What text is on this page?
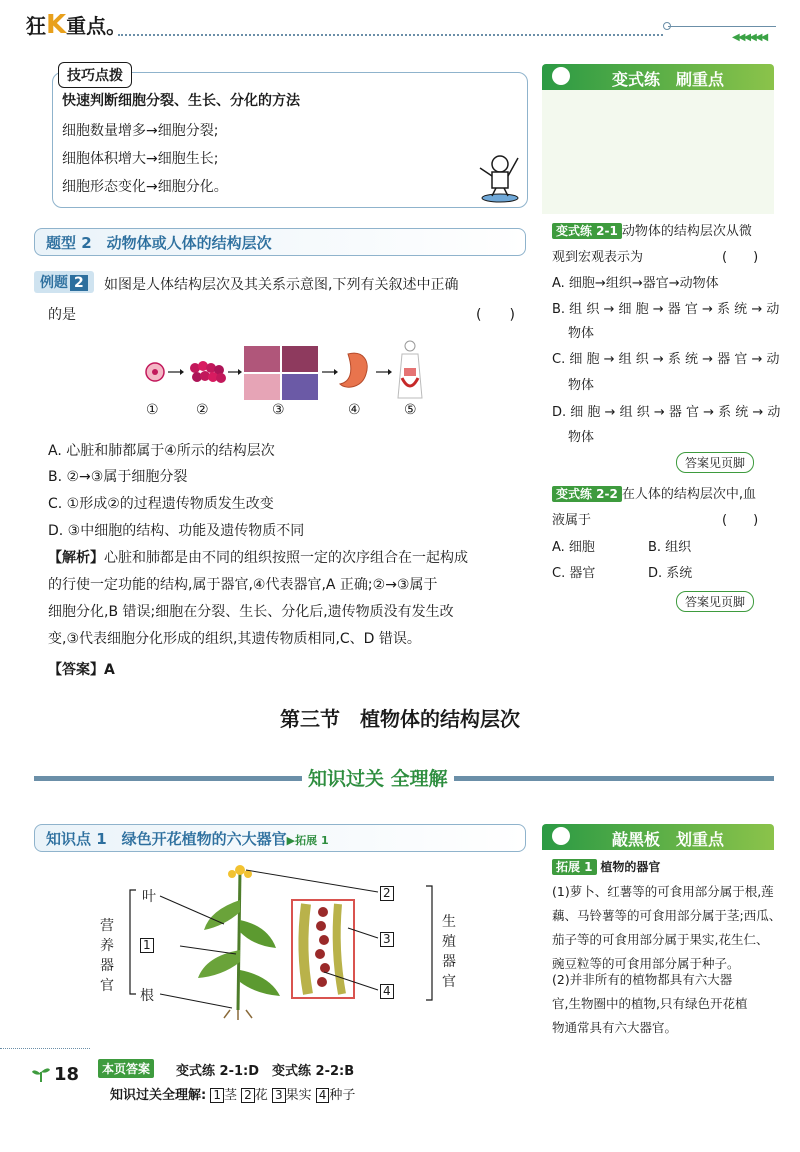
狂K重点。	◀◀◀◀◀◀
技巧点拨
快速判断细胞分裂、生长、分化的方法
细胞数量增多→细胞分裂;
细胞体积增大→细胞生长;
细胞形态变化→细胞分化。
题型 2　动物体或人体的结构层次
例题 2	如图是人体结构层次及其关系示意图,下列有关叙述中正确
的是	(　　)
①	②	③	④	⑤
A. 心脏和肺都属于④所示的结构层次
B. ②→③属于细胞分裂
C. ①形成②的过程遗传物质发生改变
D. ③中细胞的结构、功能及遗传物质不同
【解析】心脏和肺都是由不同的组织按照一定的次序组合在一起构成
的行使一定功能的结构,属于器官,④代表器官,A 正确;②→③属于
细胞分化,B 错误;细胞在分裂、生长、分化后,遗传物质没有发生改
变,③代表细胞分化形成的组织,其遗传物质相同,C、D 错误。
【答案】A
变式练　刷重点
变式练 2-1 动物体的结构层次从微
观到宏观表示为	(　　)
A. 细胞→组织→器官→动物体
B. 组 织 → 细 胞 → 器 官 → 系 统 → 动
物体
C. 细 胞 → 组 织 → 系 统 → 器 官 → 动
物体
D. 细 胞 → 组 织 → 器 官 → 系 统 → 动
物体
答案见页脚
变式练 2-2 在人体的结构层次中,血
液属于	(　　)
A. 细胞	B. 组织
C. 器官	D. 系统
答案见页脚
第三节　植物体的结构层次
知识过关 全理解
知识点 1　绿色开花植物的六大器官▶拓展 1
营养器官
生殖器官
叶
1
根
2
3
4
敲黑板　划重点
拓展 1 植物的器官
(1)萝卜、红薯等的可食用部分属于根,莲
藕、马铃薯等的可食用部分属于茎;西瓜、
茄子等的可食用部分属于果实,花生仁、
豌豆粒等的可食用部分属于种子。
(2)并非所有的植物都具有六大器
官,生物圈中的植物,只有绿色开花植
物通常具有六大器官。
18	本页答案	变式练 2-1:D　变式练 2-2:B
知识过关全理解: 1 茎 2 花 3 果实 4 种子
